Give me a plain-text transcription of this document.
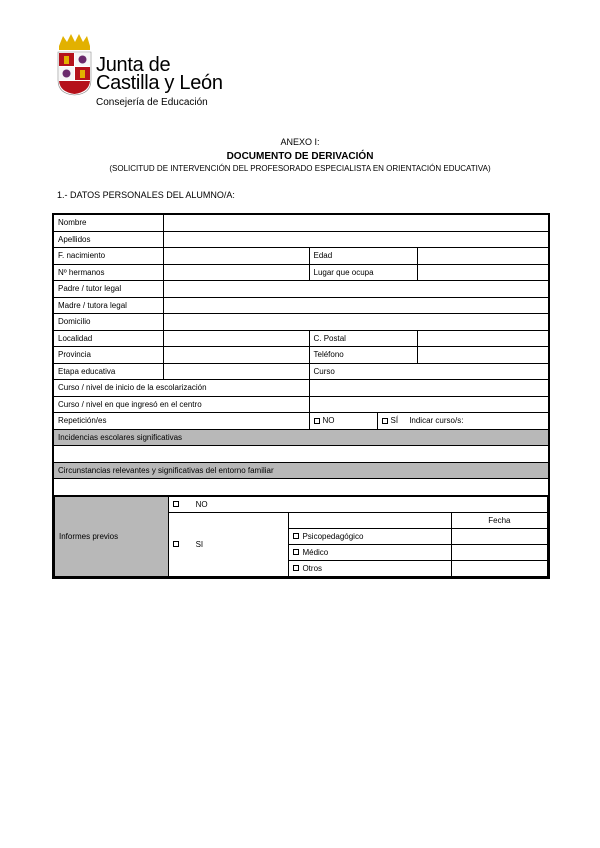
Junta de
Castilla y León
Consejería de Educación
ANEXO I:
DOCUMENTO DE DERIVACIÓN
(SOLICITUD DE INTERVENCIÓN DEL PROFESORADO ESPECIALISTA EN ORIENTACIÓN EDUCATIVA)
1.- DATOS PERSONALES DEL ALUMNO/A:
Nombre	
Apellidos	
F. nacimiento		Edad	
Nº hermanos		Lugar que ocupa	
Padre / tutor legal	
Madre / tutora legal	
Domicilio	
Localidad		C. Postal	
Provincia		Teléfono	
Etapa educativa		Curso
Curso / nivel de inicio de la escolarización	
Curso / nivel en que ingresó en el centro	
Repetición/es	NO	SÍ Indicar curso/s:
Incidencias escolares significativas

Circunstancias relevantes y significativas del entorno familiar

Informes previos	NO
SI		Fecha
Psicopedagógico	
Médico	
Otros	
